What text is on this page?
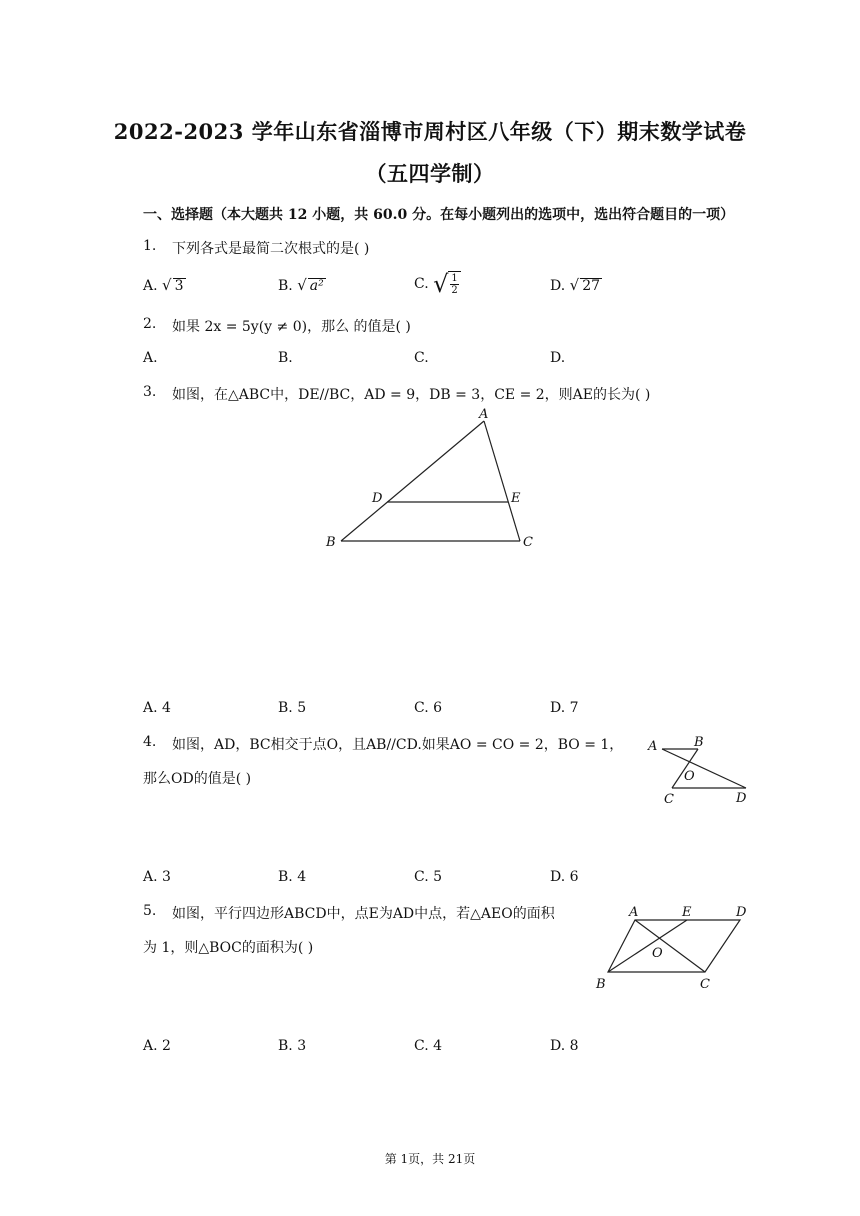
2022-2023 学年山东省淄博市周村区八年级（下）期末数学试卷
（五四学制）
一、选择题（本大题共 12 小题，共 60.0 分。在每小题列出的选项中，选出符合题目的一项）
1. 下列各式是最简二次根式的是( )
A. √ 3	B. √ a²	C. √ $\frac{1}{2}$	D. √ 27
2. 如果 2x = 5y(y ≠ 0)，那么 的值是( )
A.	B.	C.	D.
3. 如图，在△ABC中，DE//BC，AD = 9，DB = 3，CE = 2，则AE的长为( )
A
B	C
D	E
A. 4	B. 5	C. 6	D. 7
4. 如图，AD，BC相交于点O，且AB//CD.如果AO = CO = 2，BO = 1，
那么OD的值是( )
A	B
C	D
O
A. 3	B. 4	C. 5	D. 6
5. 如图，平行四边形ABCD中，点E为AD中点，若△AEO的面积
为 1，则△BOC的面积为( )
A	E	D
B	C
O
A. 2	B. 3	C. 4	D. 8
第 1页，共 21页
